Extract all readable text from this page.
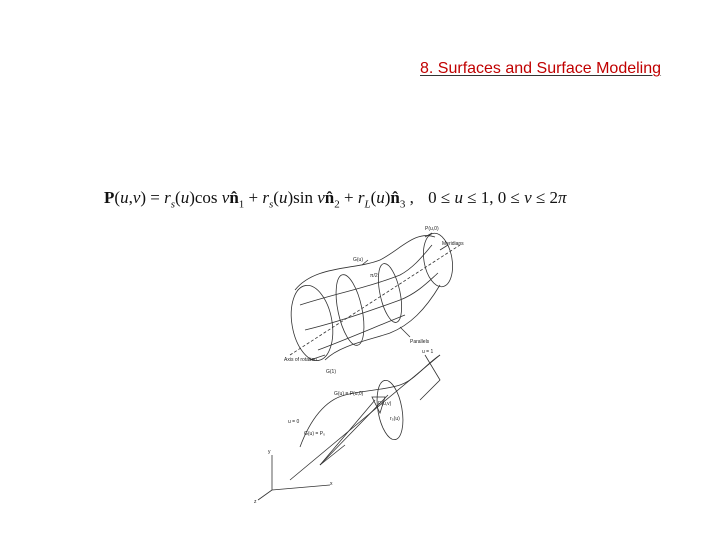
8. Surfaces and Surface Modeling
$P(u,v) = r_s(u)\cos$ $vn̂_1 + r_s(u)\sin$ $vn̂_2$ + $r_L(u)n̂_3$ , 0 ≤ u ≤ 1, 0 ≤ v ≤ 2π
P(u,0)
Meridians
G(u)
π/2
Parallels
Axis of rotation
u = 1
G(1)
G(u) = P(u,0)
P(u,v)
r₅(u)
u = 0
G(u) = P₀
x
y
z
